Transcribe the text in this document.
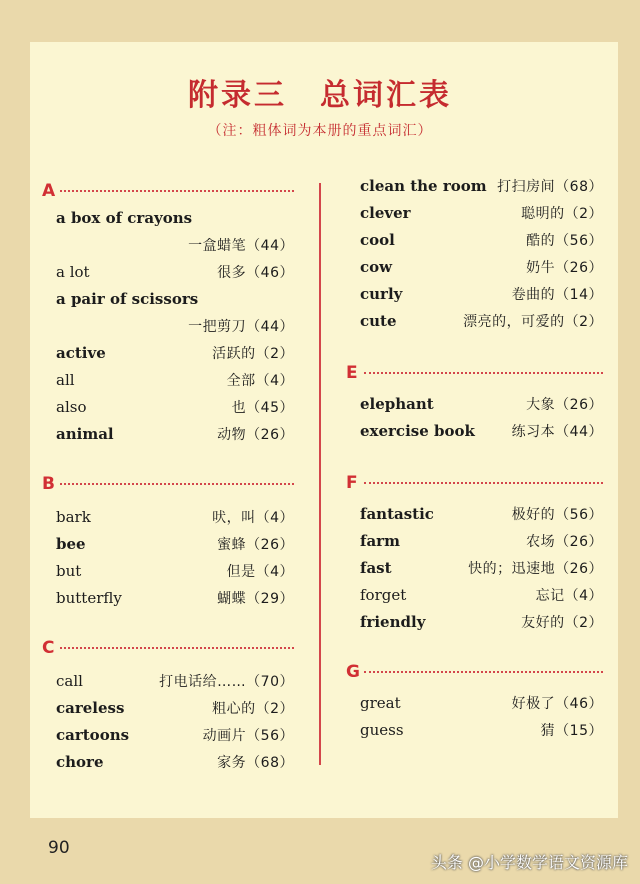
附录三　总词汇表
（注：粗体词为本册的重点词汇）
A
a box of crayons
一盒蜡笔（44）
a lot	很多（46）
a pair of scissors
一把剪刀（44）
active	活跃的（2）
all	全部（4）
also	也（45）
animal	动物（26）
B
bark	吠，叫（4）
bee	蜜蜂（26）
but	但是（4）
butterfly	蝴蝶（29）
C
call	打电话给……（70）
careless	粗心的（2）
cartoons	动画片（56）
chore	家务（68）
clean the room 打扫房间（68）
clever	聪明的（2）
cool	酷的（56）
cow	奶牛（26）
curly	卷曲的（14）
cute	漂亮的，可爱的（2）
E
elephant	大象（26）
exercise book	练习本（44）
F
fantastic	极好的（56）
farm	农场（26）
fast	快的；迅速地（26）
forget	忘记（4）
friendly	友好的（2）
G
great	好极了（46）
guess	猜（15）
90
头条 @小学数学语文资源库
